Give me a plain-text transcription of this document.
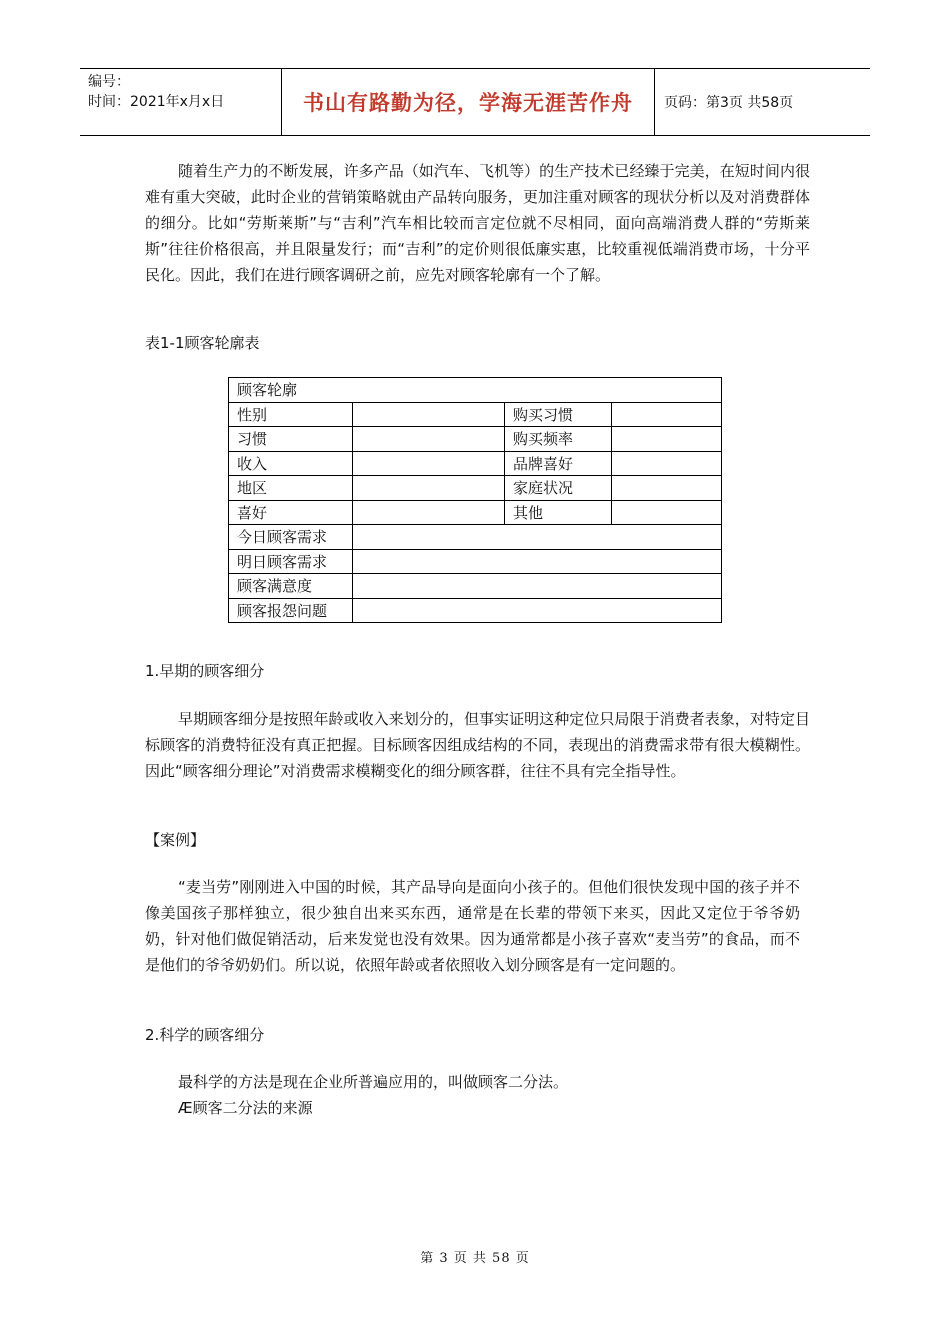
编号：
时间：2021年x月x日	书山有路勤为径，学海无涯苦作舟	页码：第3页 共58页
随着生产力的不断发展，许多产品（如汽车、飞机等）的生产技术已经臻于完美，在短时间内很难有重大突破，此时企业的营销策略就由产品转向服务，更加注重对顾客的现状分析以及对消费群体的细分。比如“劳斯莱斯”与“吉利”汽车相比较而言定位就不尽相同，面向高端消费人群的“劳斯莱斯”往往价格很高，并且限量发行；而“吉利”的定价则很低廉实惠，比较重视低端消费市场，十分平民化。因此，我们在进行顾客调研之前，应先对顾客轮廓有一个了解。
表1-1顾客轮廓表
顾客轮廓			
性别		购买习惯	
习惯		购买频率	
收入		品牌喜好	
地区		家庭状况	
喜好		其他	
今日顾客需求			
明日顾客需求			
顾客满意度			
顾客报怨问题			
1.早期的顾客细分
早期顾客细分是按照年龄或收入来划分的，但事实证明这种定位只局限于消费者表象，对特定目标顾客的消费特征没有真正把握。目标顾客因组成结构的不同，表现出的消费需求带有很大模糊性。因此“顾客细分理论”对消费需求模糊变化的细分顾客群，往往不具有完全指导性。
【案例】
“麦当劳”刚刚进入中国的时候，其产品导向是面向小孩子的。但他们很快发现中国的孩子并不像美国孩子那样独立，很少独自出来买东西，通常是在长辈的带领下来买，因此又定位于爷爷奶奶，针对他们做促销活动，后来发觉也没有效果。因为通常都是小孩子喜欢“麦当劳”的食品，而不是他们的爷爷奶奶们。所以说，依照年龄或者依照收入划分顾客是有一定问题的。
2.科学的顾客细分
最科学的方法是现在企业所普遍应用的，叫做顾客二分法。
Æ顾客二分法的来源
第 3 页 共 58 页
